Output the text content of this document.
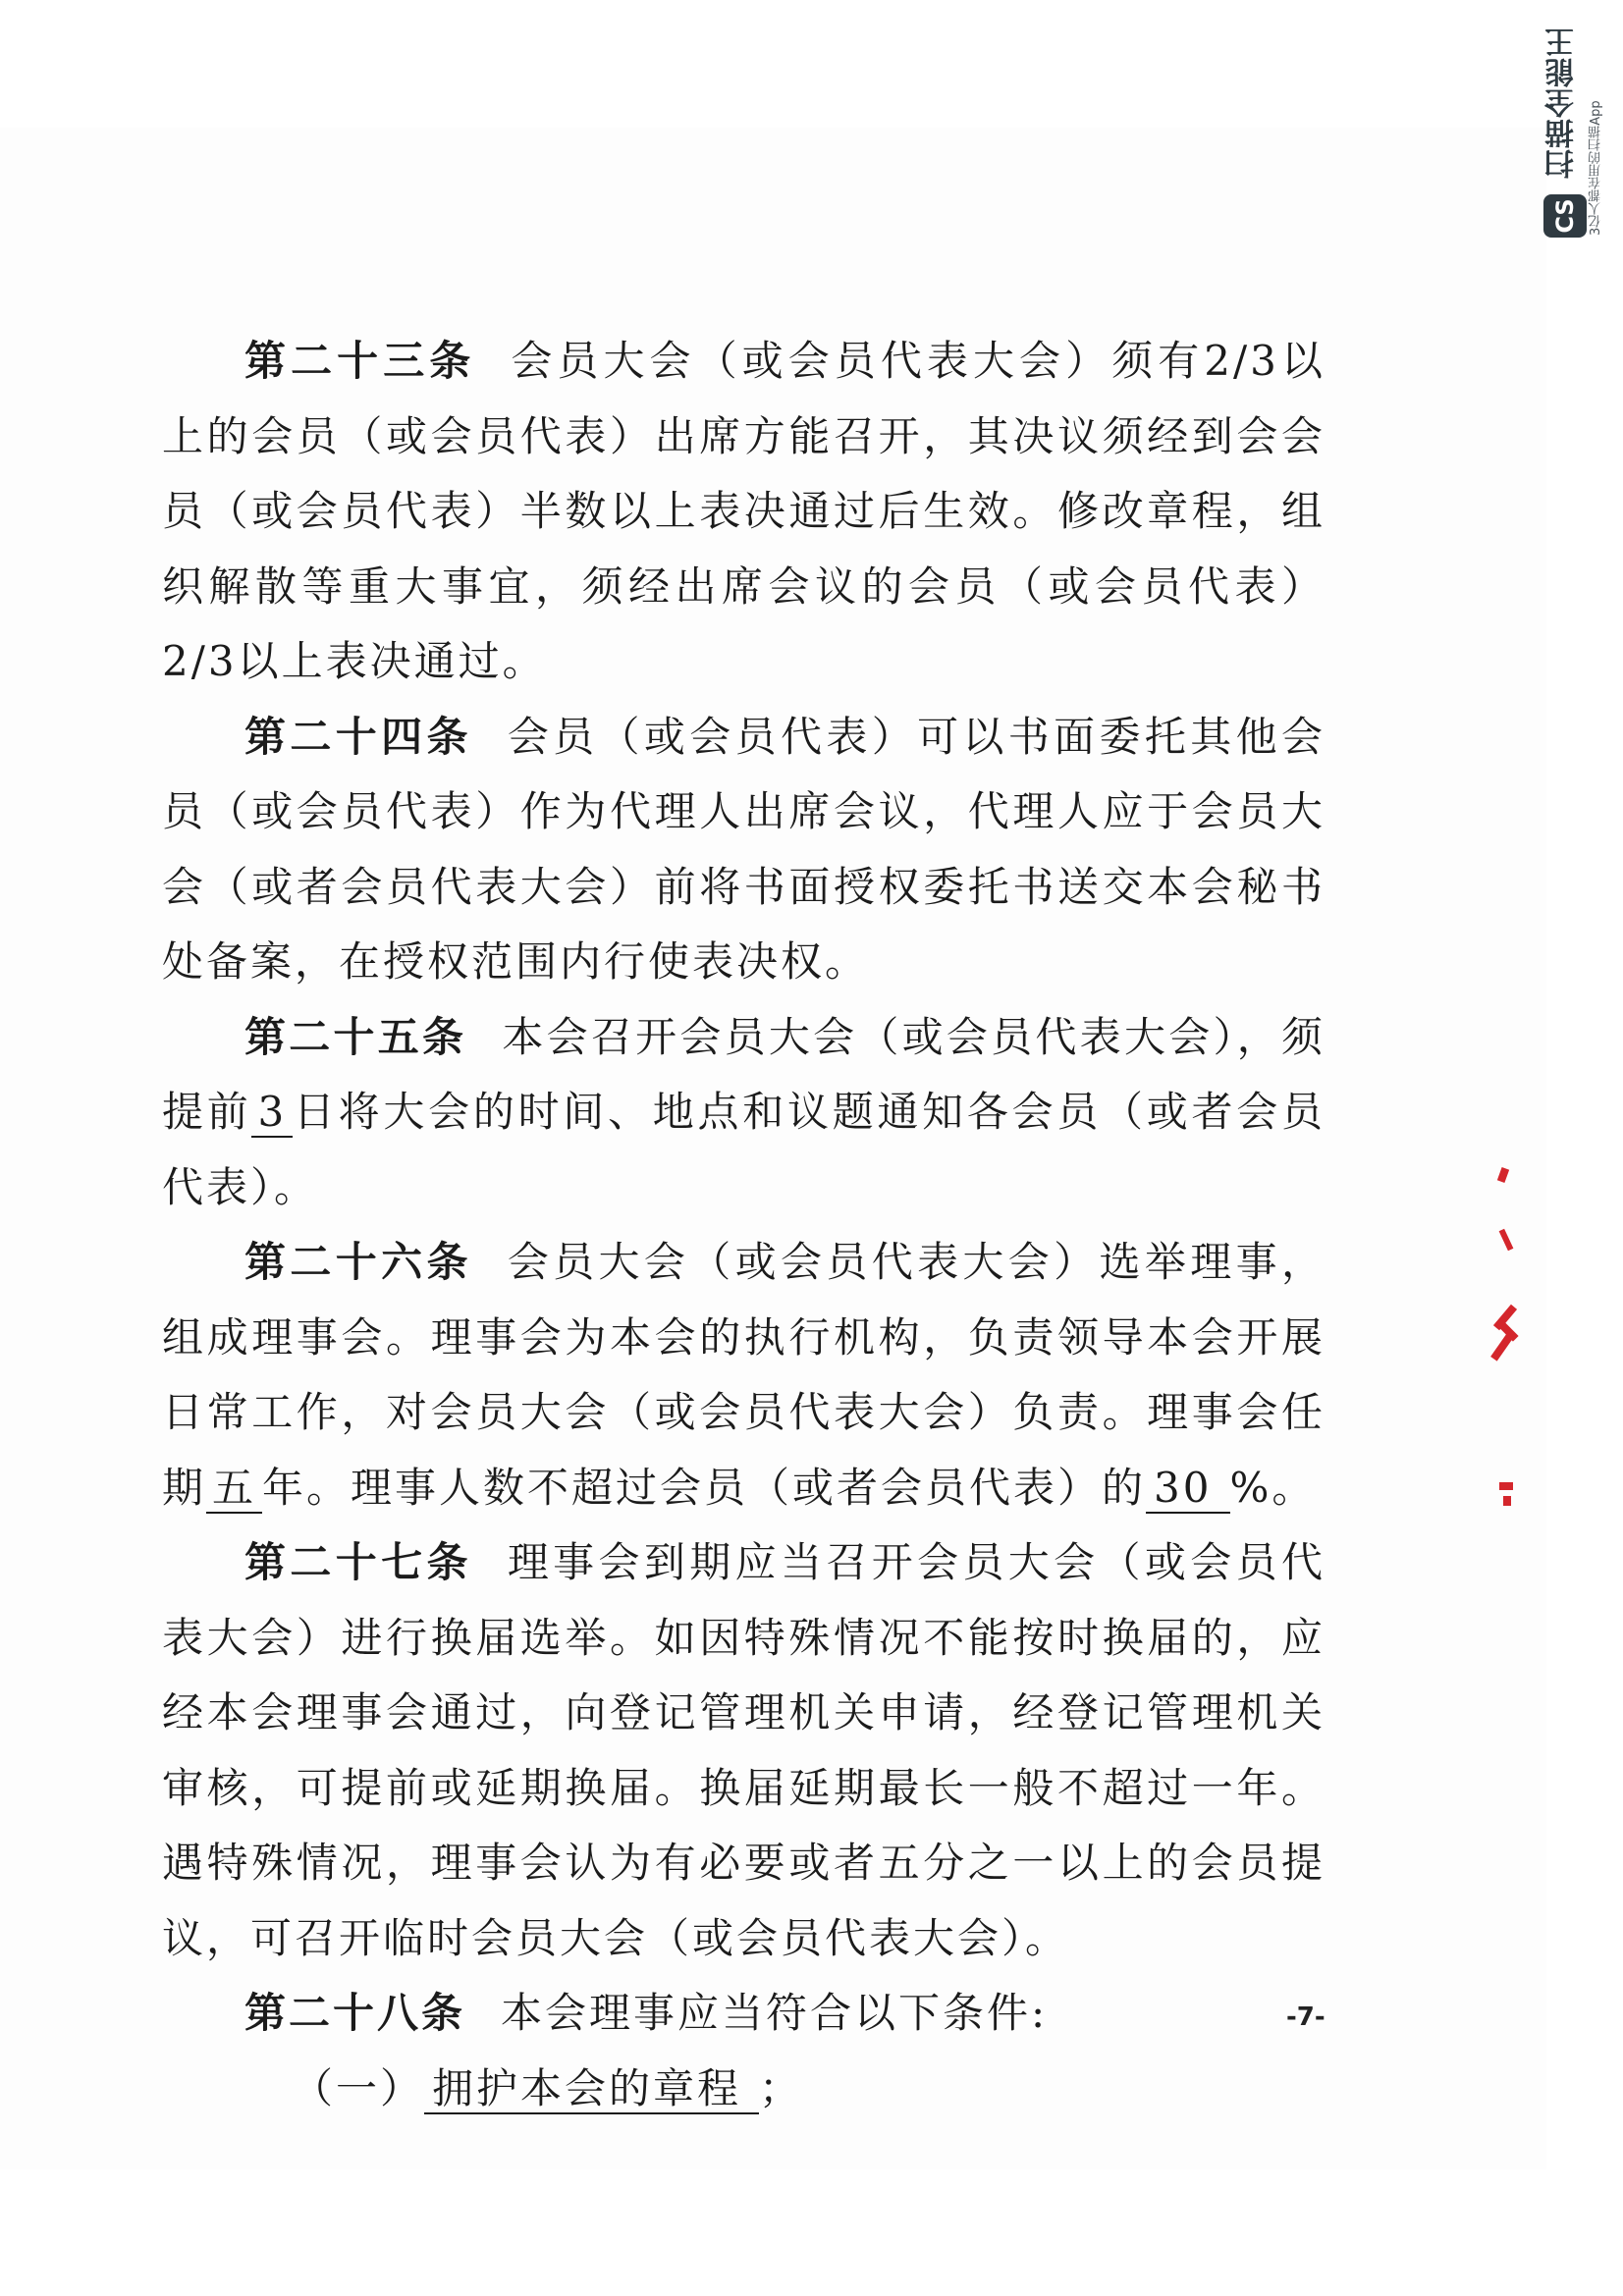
扫描全能王 3亿人都在用的扫描App
CS

第二十三条 会员大会（或会员代表大会）须有2/3以上的会员（或会员代表）出席方能召开，其决议须经到会会员（或会员代表）半数以上表决通过后生效。修改章程，组织解散等重大事宜，须经出席会议的会员（或会员代表）2/3以上表决通过。

第二十四条 会员（或会员代表）可以书面委托其他会员（或会员代表）作为代理人出席会议，代理人应于会员大会（或者会员代表大会）前将书面授权委托书送交本会秘书处备案，在授权范围内行使表决权。

第二十五条 本会召开会员大会（或会员代表大会），须提前 3 日将大会的时间、地点和议题通知各会员（或者会员代表）。

第二十六条 会员大会（或会员代表大会）选举理事，组成理事会。理事会为本会的执行机构，负责领导本会开展日常工作，对会员大会（或会员代表大会）负责。理事会任期 五 年。理事人数不超过会员（或者会员代表）的 30 %。

第二十七条 理事会到期应当召开会员大会（或会员代表大会）进行换届选举。如因特殊情况不能按时换届的，应经本会理事会通过，向登记管理机关申请，经登记管理机关审核，可提前或延期换届。换届延期最长一般不超过一年。遇特殊情况，理事会认为有必要或者五分之一以上的会员提议，可召开临时会员大会（或会员代表大会）。

第二十八条 本会理事应当符合以下条件:

（一） 拥护本会的章程 ；

-7-
